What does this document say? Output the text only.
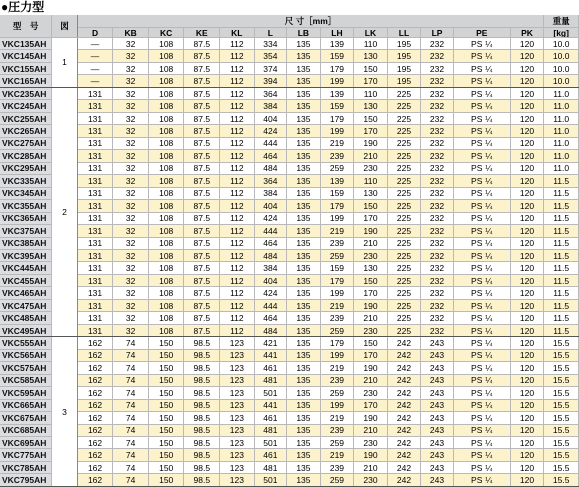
●圧力型
型　号	図	尺 寸［mm］													重量
		D	KB	KC	KE	KL	L	LB	LH	LK	LL	LP	PE	PK	[kg]
VKC135AH	1	—	32	108	87.5	112	334	135	139	110	195	232	PS ¼	120	10.0
VKC145AH		—	32	108	87.5	112	354	135	159	130	195	232	PS ¼	120	10.0
VKC155AH		—	32	108	87.5	112	374	135	179	150	195	232	PS ¼	120	10.0
VKC165AH		—	32	108	87.5	112	394	135	199	170	195	232	PS ¼	120	10.0
VKC235AH	2	131	32	108	87.5	112	364	135	139	110	225	232	PS ¼	120	11.0
VKC245AH		131	32	108	87.5	112	384	135	159	130	225	232	PS ¼	120	11.0
VKC255AH		131	32	108	87.5	112	404	135	179	150	225	232	PS ¼	120	11.0
VKC265AH		131	32	108	87.5	112	424	135	199	170	225	232	PS ¼	120	11.0
VKC275AH		131	32	108	87.5	112	444	135	219	190	225	232	PS ¼	120	11.0
VKC285AH		131	32	108	87.5	112	464	135	239	210	225	232	PS ¼	120	11.0
VKC295AH		131	32	108	87.5	112	484	135	259	230	225	232	PS ¼	120	11.0
VKC335AH		131	32	108	87.5	112	364	135	139	110	225	232	PS ¼	120	11.5
VKC345AH		131	32	108	87.5	112	384	135	159	130	225	232	PS ¼	120	11.5
VKC355AH		131	32	108	87.5	112	404	135	179	150	225	232	PS ¼	120	11.5
VKC365AH		131	32	108	87.5	112	424	135	199	170	225	232	PS ¼	120	11.5
VKC375AH		131	32	108	87.5	112	444	135	219	190	225	232	PS ¼	120	11.5
VKC385AH		131	32	108	87.5	112	464	135	239	210	225	232	PS ¼	120	11.5
VKC395AH		131	32	108	87.5	112	484	135	259	230	225	232	PS ¼	120	11.5
VKC445AH		131	32	108	87.5	112	384	135	159	130	225	232	PS ¼	120	11.5
VKC455AH		131	32	108	87.5	112	404	135	179	150	225	232	PS ¼	120	11.5
VKC465AH		131	32	108	87.5	112	424	135	199	170	225	232	PS ¼	120	11.5
VKC475AH		131	32	108	87.5	112	444	135	219	190	225	232	PS ¼	120	11.5
VKC485AH		131	32	108	87.5	112	464	135	239	210	225	232	PS ¼	120	11.5
VKC495AH		131	32	108	87.5	112	484	135	259	230	225	232	PS ¼	120	11.5
VKC555AH	3	162	74	150	98.5	123	421	135	179	150	242	243	PS ¼	120	15.5
VKC565AH		162	74	150	98.5	123	441	135	199	170	242	243	PS ¼	120	15.5
VKC575AH		162	74	150	98.5	123	461	135	219	190	242	243	PS ¼	120	15.5
VKC585AH		162	74	150	98.5	123	481	135	239	210	242	243	PS ¼	120	15.5
VKC595AH		162	74	150	98.5	123	501	135	259	230	242	243	PS ¼	120	15.5
VKC665AH		162	74	150	98.5	123	441	135	199	170	242	243	PS ¼	120	15.5
VKC675AH		162	74	150	98.5	123	461	135	219	190	242	243	PS ¼	120	15.5
VKC685AH		162	74	150	98.5	123	481	135	239	210	242	243	PS ¼	120	15.5
VKC695AH		162	74	150	98.5	123	501	135	259	230	242	243	PS ¼	120	15.5
VKC775AH		162	74	150	98.5	123	461	135	219	190	242	243	PS ¼	120	15.5
VKC785AH		162	74	150	98.5	123	481	135	239	210	242	243	PS ¼	120	15.5
VKC795AH		162	74	150	98.5	123	501	135	259	230	242	243	PS ¼	120	15.5
